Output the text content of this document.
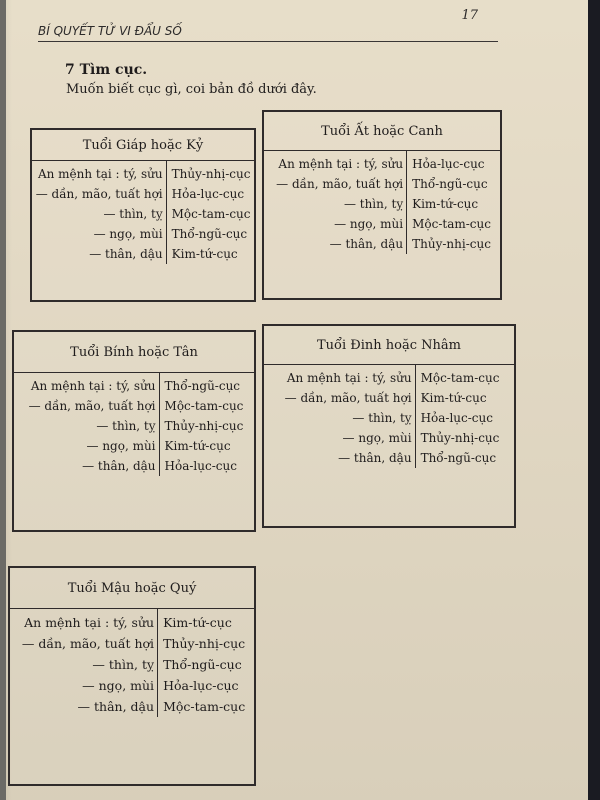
BÍ QUYẾT TỬ VI ĐẨU SỐ
17
7 Tìm cục.
Muốn biết cục gì, coi bản đồ dưới đây.
Tuổi Giáp hoặc Kỷ
An mệnh tại : tý, sửu	Thủy-nhị-cục
— dần, mão, tuất hợi	Hỏa-lục-cục
— thìn, tỵ	Mộc-tam-cục
— ngọ, mùi	Thổ-ngũ-cục
— thân, dậu	Kim-tứ-cục
Tuổi Ất hoặc Canh
An mệnh tại : tý, sửu	Hỏa-lục-cục
— dần, mão, tuất hợi	Thổ-ngũ-cục
— thìn, tỵ	Kim-tứ-cục
— ngọ, mùi	Mộc-tam-cục
— thân, dậu	Thủy-nhị-cục
Tuổi Bính hoặc Tân
An mệnh tại : tý, sửu	Thổ-ngũ-cục
— dần, mão, tuất hợi	Mộc-tam-cục
— thìn, tỵ	Thủy-nhị-cục
— ngọ, mùi	Kim-tứ-cục
— thân, dậu	Hỏa-lục-cục
Tuổi Đinh hoặc Nhâm
An mệnh tại : tý, sửu	Mộc-tam-cục
— dần, mão, tuất hợi	Kim-tứ-cục
— thìn, tỵ	Hỏa-lục-cục
— ngọ, mùi	Thủy-nhị-cục
— thân, dậu	Thổ-ngũ-cục
Tuổi Mậu hoặc Quý
An mệnh tại : tý, sửu	Kim-tứ-cục
— dần, mão, tuất hợi	Thủy-nhị-cục
— thìn, tỵ	Thổ-ngũ-cục
— ngọ, mùi	Hỏa-lục-cục
— thân, dậu	Mộc-tam-cục
